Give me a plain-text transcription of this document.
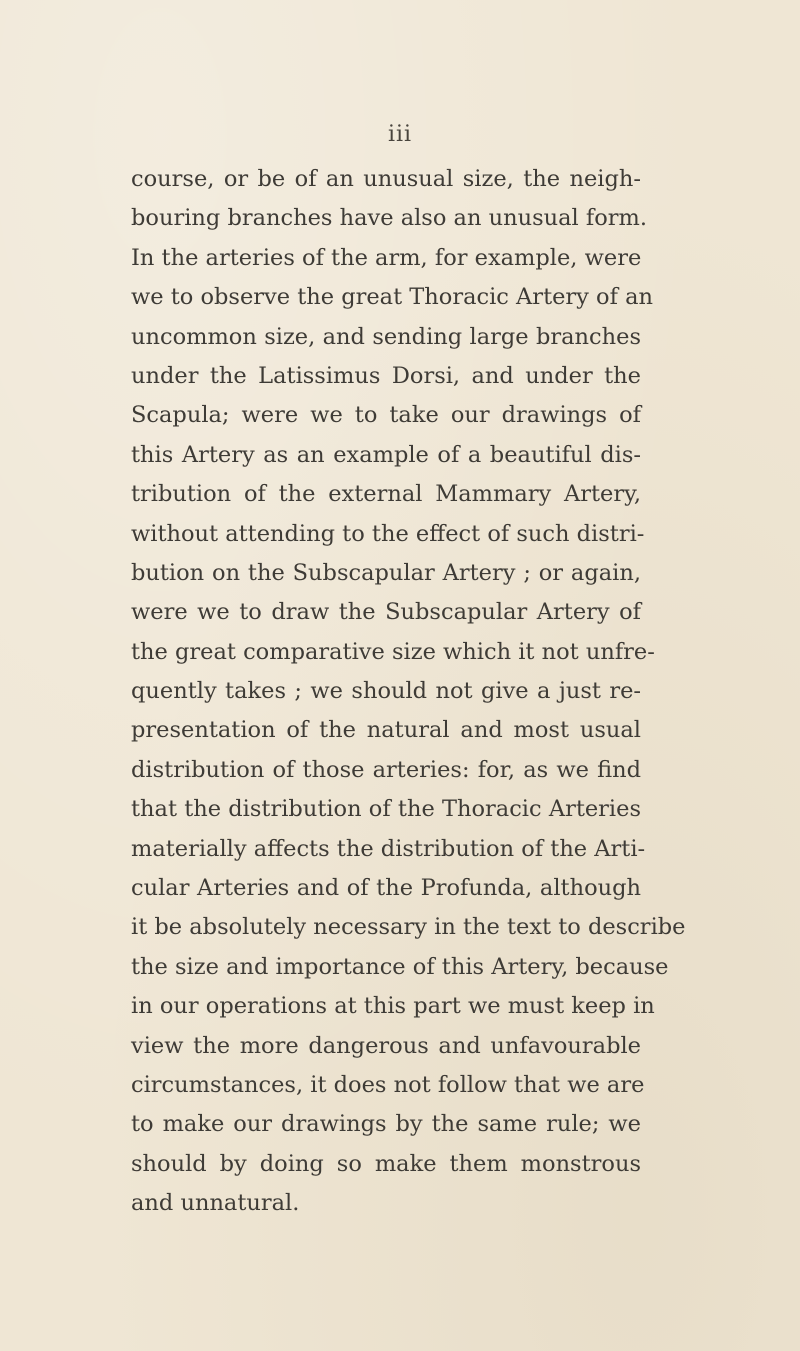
iii
course, or be of an unusual size, the neigh-
bouring branches have also an unusual form.
In the arteries of the arm, for example, were
we to observe the great Thoracic Artery of an
uncommon size, and sending large branches
under the Latissimus Dorsi, and under the
Scapula; were we to take our drawings of
this Artery as an example of a beautiful dis-
tribution of the external Mammary Artery,
without attending to the effect of such distri-
bution on the Subscapular Artery ; or again,
were we to draw the Subscapular Artery of
the great comparative size which it not unfre-
quently takes ; we should not give a just re-
presentation of the natural and most usual
distribution of those arteries: for, as we find
that the distribution of the Thoracic Arteries
materially affects the distribution of the Arti-
cular Arteries and of the Profunda, although
it be absolutely necessary in the text to describe
the size and importance of this Artery, because
in our operations at this part we must keep in
view the more dangerous and unfavourable
circumstances, it does not follow that we are
to make our drawings by the same rule; we
should by doing so make them monstrous
and unnatural.
